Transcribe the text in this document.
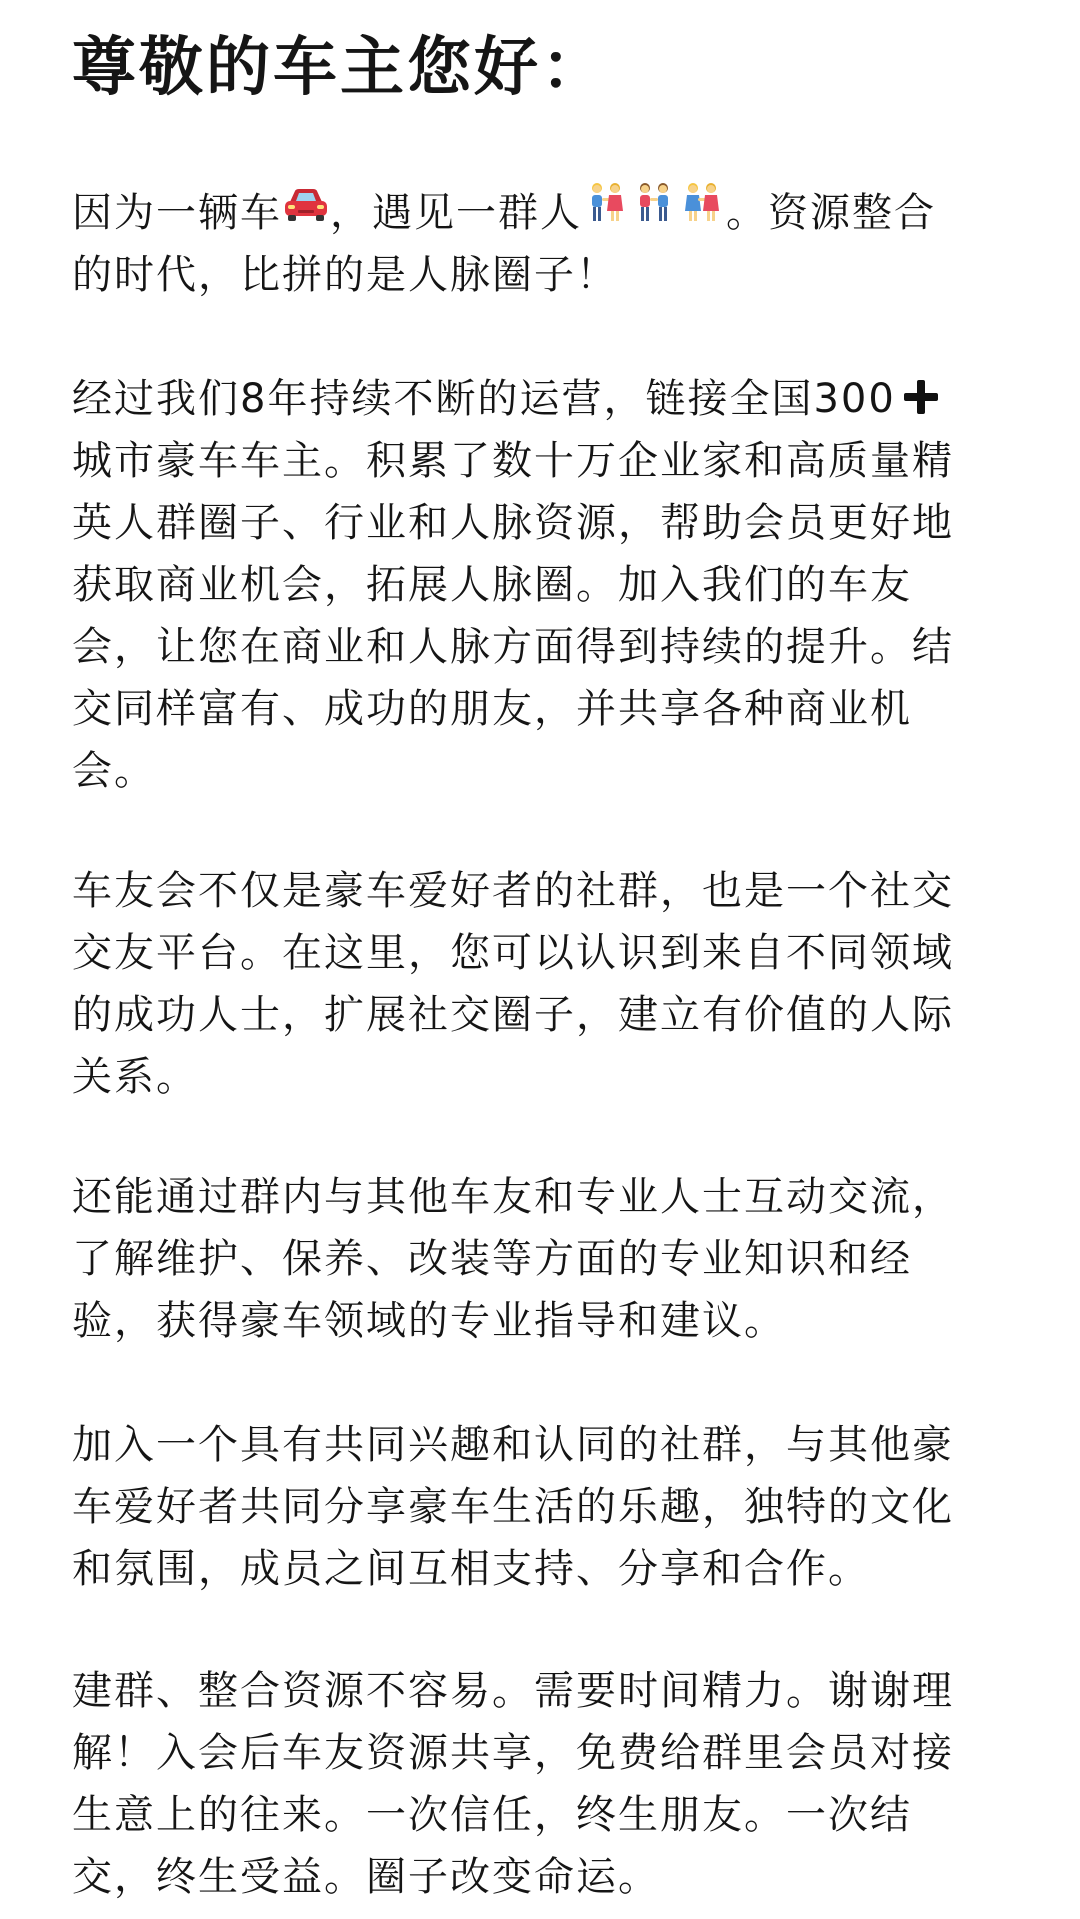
尊敬的车主您好：
因为一辆车 ，遇见一群人	。资源整合
的时代，比拼的是人脉圈子！
经过我们8年持续不断的运营，链接全国300
城市豪车车主。积累了数十万企业家和高质量精
英人群圈子、行业和人脉资源，帮助会员更好地
获取商业机会，拓展人脉圈。加入我们的车友
会，让您在商业和人脉方面得到持续的提升。结
交同样富有、成功的朋友，并共享各种商业机
会。
车友会不仅是豪车爱好者的社群，也是一个社交
交友平台。在这里，您可以认识到来自不同领域
的成功人士，扩展社交圈子，建立有价值的人际
关系。
还能通过群内与其他车友和专业人士互动交流，
了解维护、保养、改装等方面的专业知识和经
验，获得豪车领域的专业指导和建议。
加入一个具有共同兴趣和认同的社群，与其他豪
车爱好者共同分享豪车生活的乐趣，独特的文化
和氛围，成员之间互相支持、分享和合作。
建群、整合资源不容易。需要时间精力。谢谢理
解！入会后车友资源共享，免费给群里会员对接
生意上的往来。一次信任，终生朋友。一次结
交，终生受益。圈子改变命运。
